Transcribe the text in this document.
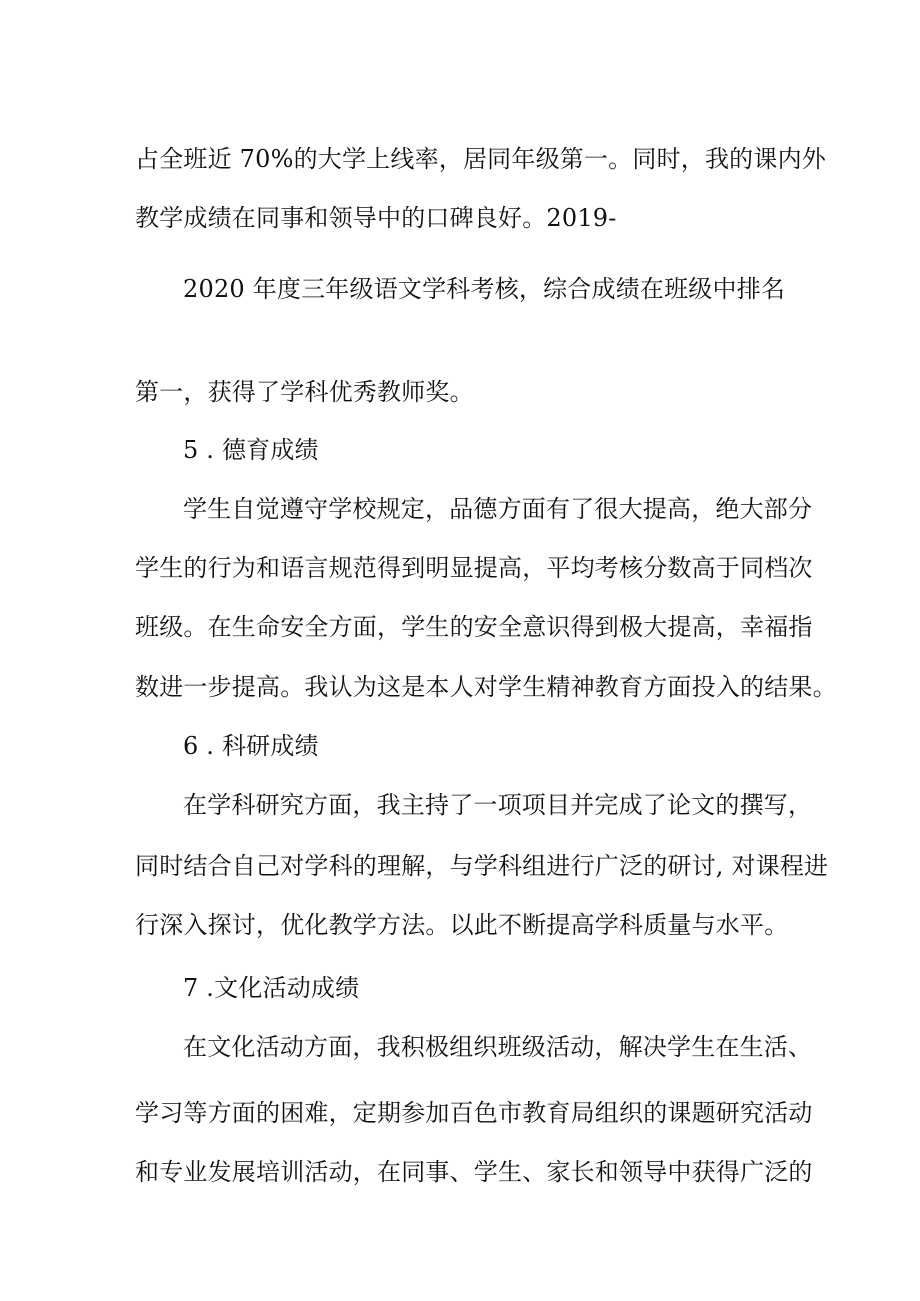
占全班近 70%的大学上线率，居同年级第一。同时，我的课内外
教学成绩在同事和领导中的口碑良好。2019-
2020 年度三年级语文学科考核，综合成绩在班级中排名
第一，获得了学科优秀教师奖。
5 . 德育成绩
学生自觉遵守学校规定，品德方面有了很大提高，绝大部分
学生的行为和语言规范得到明显提高，平均考核分数高于同档次
班级。在生命安全方面，学生的安全意识得到极大提高，幸福指
数进一步提高。我认为这是本人对学生精神教育方面投入的结果。
6 . 科研成绩
在学科研究方面，我主持了一项项目并完成了论文的撰写，
同时结合自己对学科的理解，与学科组进行广泛的研讨, 对课程进
行深入探讨，优化教学方法。以此不断提高学科质量与水平。
7 .文化活动成绩
在文化活动方面，我积极组织班级活动，解决学生在生活、
学习等方面的困难，定期参加百色市教育局组织的课题研究活动
和专业发展培训活动，在同事、学生、家长和领导中获得广泛的
